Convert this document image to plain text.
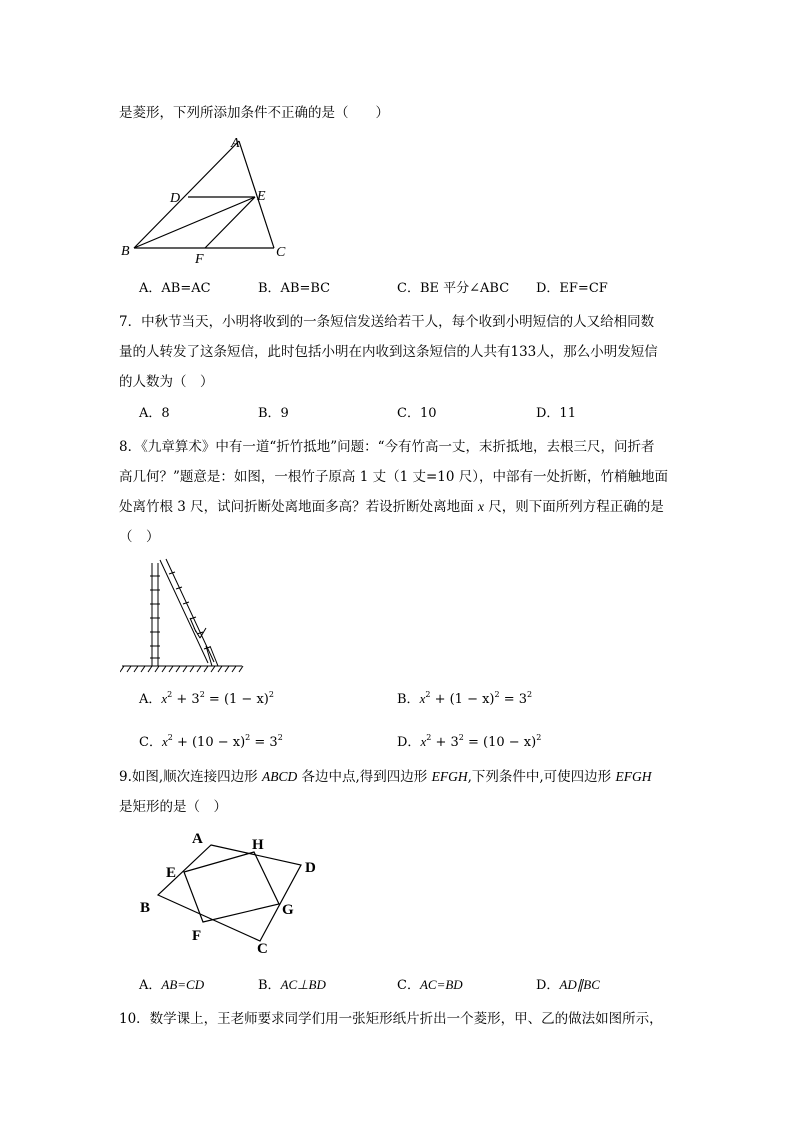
是菱形，下列所添加条件不正确的是（　　）
A
D	E
B
F	C
A．AB=AC	B．AB=BC	C．BE 平分∠ABC D．EF=CF
7．中秋节当天，小明将收到的一条短信发送给若干人，每个收到小明短信的人又给相同数
量的人转发了这条短信，此时包括小明在内收到这条短信的人共有133人，那么小明发短信
的人数为（　）
A．8	B．9	C．10	D．11
8．《九章算术》中有一道“折竹抵地”问题：“今有竹高一丈，末折抵地，去根三尺，问折者
高几何？”题意是：如图，一根竹子原高 1 丈（1 丈=10 尺），中部有一处折断，竹梢触地面
处离竹根 3 尺，试问折断处离地面多高？若设折断处离地面 x 尺，则下面所列方程正确的是
（　）
A．$x^2 + 3^2 = (1 - x)^2$	B．$x^2 + (1 - x)^2 = 3^2$
C．$x^2 + (10 - x)^2 = 3^2$	D．$x^2 + 3^2 = (10 - x)^2$
9.如图,顺次连接四边形 ABCD 各边中点,得到四边形 EFGH,下列条件中,可使四边形 EFGH
是矩形的是（　）
A	H
D
E
B	G
F
C
A．AB=CD	B．AC⊥BD	C．AC=BD	D．AD∥BC
10．数学课上，王老师要求同学们用一张矩形纸片折出一个菱形，甲、乙的做法如图所示，
